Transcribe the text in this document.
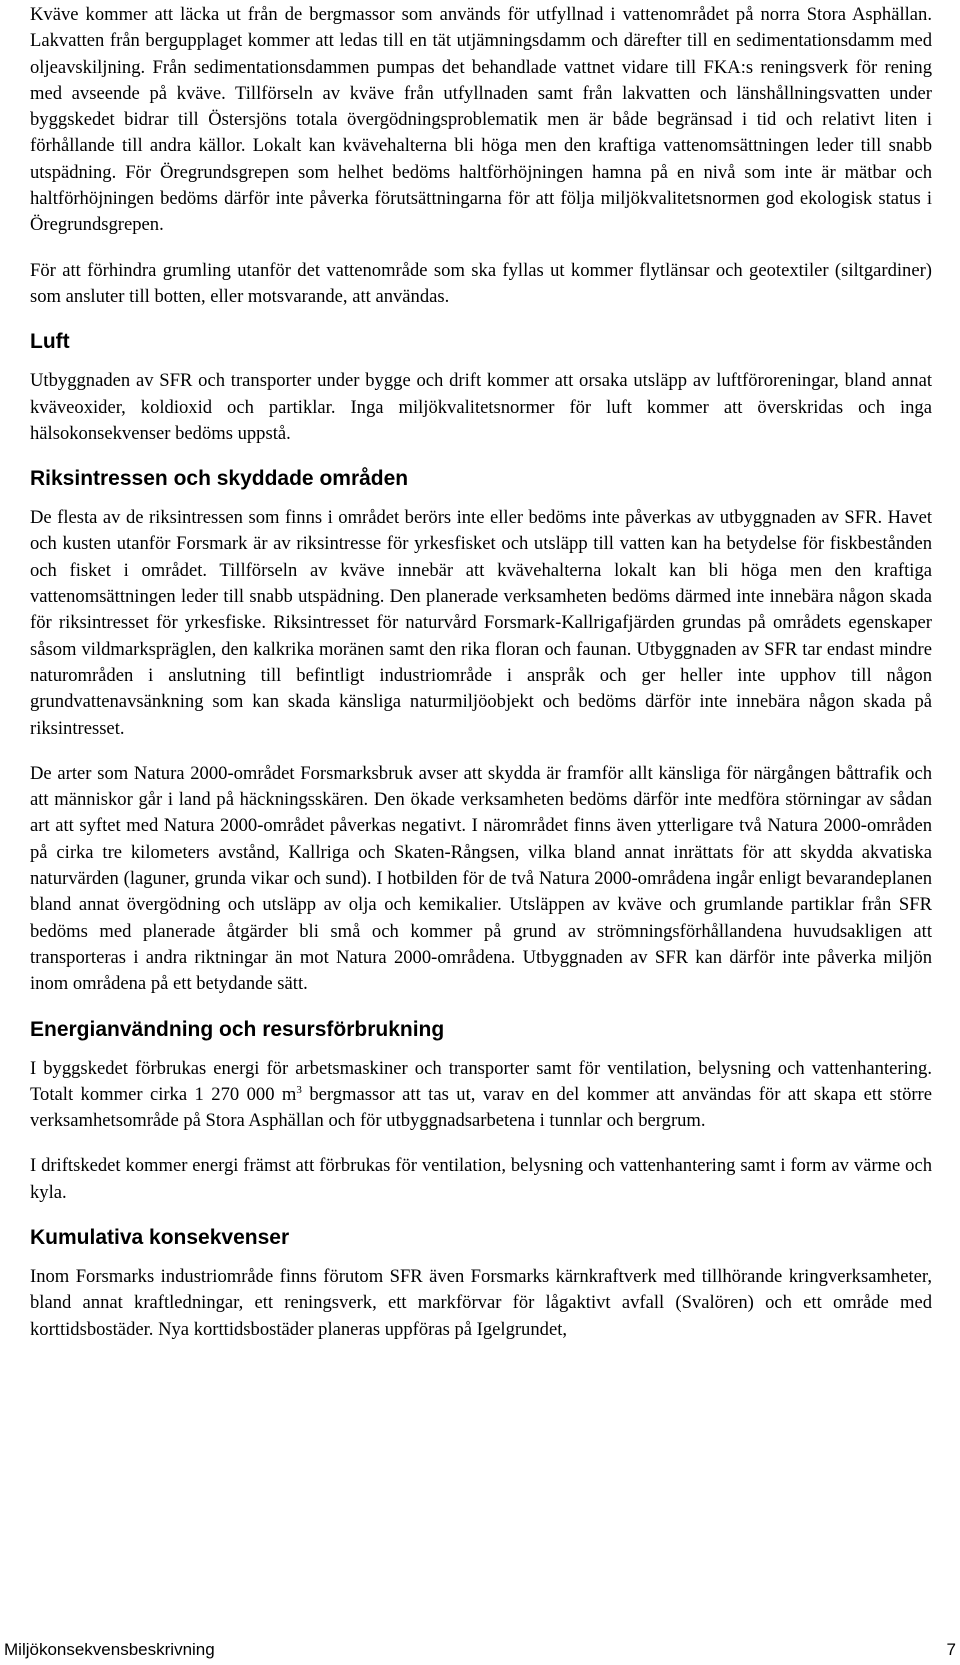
Kväve kommer att läcka ut från de bergmassor som används för utfyllnad i vattenområdet på norra Stora Asphällan. Lakvatten från bergupplaget kommer att ledas till en tät utjämningsdamm och därefter till en sedimentationsdamm med oljeavskiljning. Från sedimentationsdammen pumpas det behandlade vattnet vidare till FKA:s reningsverk för rening med avseende på kväve. Tillförseln av kväve från utfyllnaden samt från lakvatten och länshållningsvatten under byggskedet bidrar till Östersjöns totala övergödningsproblematik men är både begränsad i tid och relativt liten i förhållande till andra källor. Lokalt kan kvävehalterna bli höga men den kraftiga vattenomsättningen leder till snabb utspädning. För Öregrundsgrepen som helhet bedöms haltförhöjningen hamna på en nivå som inte är mätbar och haltförhöjningen bedöms därför inte påverka förutsättningarna för att följa miljökvalitetsnormen god ekologisk status i Öregrundsgrepen.

För att förhindra grumling utanför det vattenområde som ska fyllas ut kommer flytlänsar och geotextiler (siltgardiner) som ansluter till botten, eller motsvarande, att användas.

Luft

Utbyggnaden av SFR och transporter under bygge och drift kommer att orsaka utsläpp av luftföroreningar, bland annat kväveoxider, koldioxid och partiklar. Inga miljökvalitetsnormer för luft kommer att överskridas och inga hälsokonsekvenser bedöms uppstå.

Riksintressen och skyddade områden

De flesta av de riksintressen som finns i området berörs inte eller bedöms inte påverkas av utbyggnaden av SFR. Havet och kusten utanför Forsmark är av riksintresse för yrkesfisket och utsläpp till vatten kan ha betydelse för fiskbestånden och fisket i området. Tillförseln av kväve innebär att kvävehalterna lokalt kan bli höga men den kraftiga vattenomsättningen leder till snabb utspädning. Den planerade verksamheten bedöms därmed inte innebära någon skada för riksintresset för yrkesfiske. Riksintresset för naturvård Forsmark-Kallrigafjärden grundas på områdets egenskaper såsom vildmarkspräglen, den kalkrika moränen samt den rika floran och faunan. Utbyggnaden av SFR tar endast mindre naturområden i anslutning till befintligt industriområde i anspråk och ger heller inte upphov till någon grundvattenavsänkning som kan skada känsliga naturmiljöobjekt och bedöms därför inte innebära någon skada på riksintresset.

De arter som Natura 2000-området Forsmarksbruk avser att skydda är framför allt känsliga för närgången båttrafik och att människor går i land på häckningsskären. Den ökade verksamheten bedöms därför inte medföra störningar av sådan art att syftet med Natura 2000-området påverkas negativt. I närområdet finns även ytterligare två Natura 2000-områden på cirka tre kilometers avstånd, Kallriga och Skaten-Rångsen, vilka bland annat inrättats för att skydda akvatiska naturvärden (laguner, grunda vikar och sund). I hotbilden för de två Natura 2000-områdena ingår enligt bevarandeplanen bland annat övergödning och utsläpp av olja och kemikalier. Utsläppen av kväve och grumlande partiklar från SFR bedöms med planerade åtgärder bli små och kommer på grund av strömningsförhållandena huvudsakligen att transporteras i andra riktningar än mot Natura 2000-områdena. Utbyggnaden av SFR kan därför inte påverka miljön inom områdena på ett betydande sätt.

Energianvändning och resursförbrukning

I byggskedet förbrukas energi för arbetsmaskiner och transporter samt för ventilation, belysning och vattenhantering. Totalt kommer cirka 1 270 000 $m^3$ bergmassor att tas ut, varav en del kommer att användas för att skapa ett större verksamhetsområde på Stora Asphällan och för utbyggnadsarbetena i tunnlar och bergrum.

I driftskedet kommer energi främst att förbrukas för ventilation, belysning och vattenhantering samt i form av värme och kyla.

Kumulativa konsekvenser

Inom Forsmarks industriområde finns förutom SFR även Forsmarks kärnkraftverk med tillhörande kringverksamheter, bland annat kraftledningar, ett reningsverk, ett markförvar för lågaktivt avfall (Svalören) och ett område med korttidsbostäder. Nya korttidsbostäder planeras uppföras på Igelgrundet,

Miljökonsekvensbeskrivning	7
